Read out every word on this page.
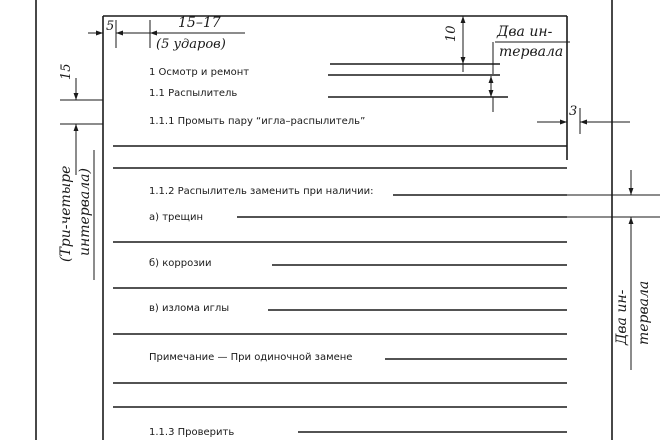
5	15–17
(5 ударов)
10	Два ин-
тервала
3
15
(Три-четыре интервала)
Два ин- тервала
1 Осмотр и ремонт
1.1 Распылитель
1.1.1 Промыть пару “игла–распылитель”
1.1.2 Распылитель заменить при наличии:
а) трещин
б) коррозии
в) излома иглы
Примечание — При одиночной замене
1.1.3 Проверить
